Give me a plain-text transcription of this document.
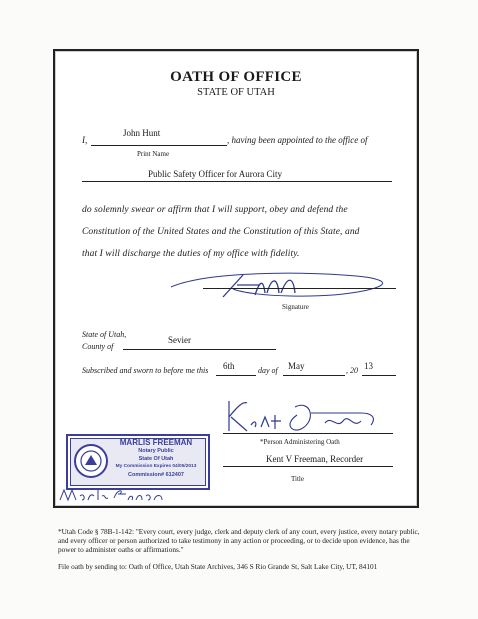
OATH OF OFFICE
STATE OF UTAH
I,
John Hunt
, having been appointed to the office of
Print Name
Public Safety Officer for Aurora City
do solemnly swear or affirm that I will support, obey and defend the
Constitution of the United States and the Constitution of this State, and
that I will discharge the duties of my office with fidelity.
Signature
State of Utah,
County of
Sevier
Subscribed and sworn to before me this 6th	day of May	, 20 13
*Person Administering Oath
Kent V Freeman, Recorder
Title
MARLIS FREEMAN
Notary Public
State Of Utah
My Commission Expires 04/05/2013
Commission# 612407
*Utah Code § 78B-1-142: "Every court, every judge, clerk and deputy clerk of any court, every justice, every notary public, and every officer or person authorized to take testimony in any action or proceeding, or to decide upon evidence, has the power to administer oaths or affirmations."
File oath by sending to: Oath of Office, Utah State Archives, 346 S Rio Grande St, Salt Lake City, UT, 84101
